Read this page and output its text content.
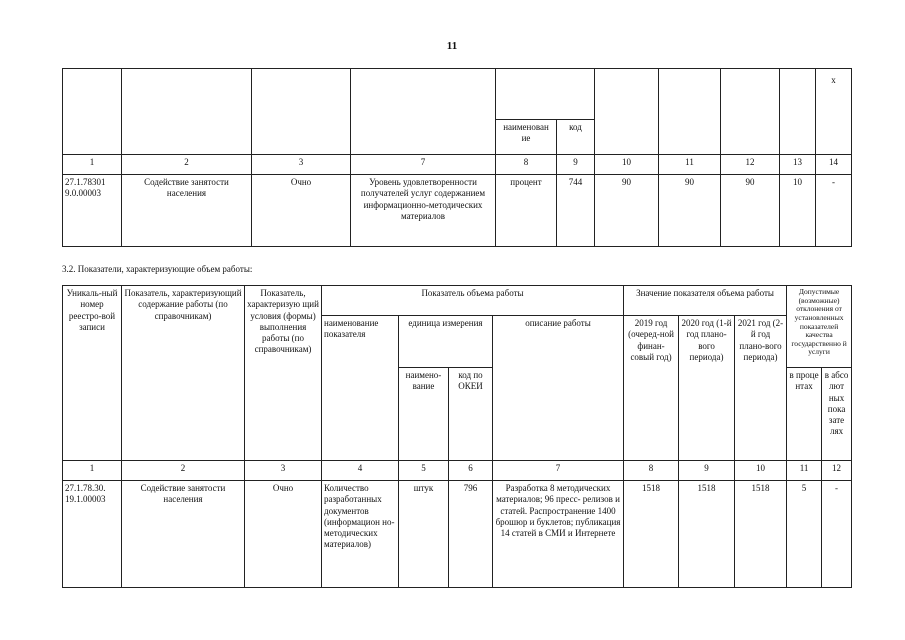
11
										x
				наименован ие	код					
1	2	3	7	8	9	10	11	12	13	14
27.1.78301 9.0.00003	Содействие занятости населения	Очно	Уровень удовлетворенности получателей услуг содержанием информационно-методических материалов	процент	744	90	90	90	10	-
3.2. Показатели, характеризующие объем работы:
Уникаль-ный номер реестро-вой записи	Показатель, характеризующий содержание работы (по справочникам)	Показатель, характеризую щий условия (формы) выполнения работы (по справочникам)	Показатель объема работы				Значение показателя объема работы			Допустимые (возможные) отклонения от установленных показателей качества государственно й услуги	
			наименование показателя	единица измерения		описание работы	2019 год (очеред-ной финан-совый год)	2020 год (1-й год плано-вого периода)	2021 год (2-й год плано-вого периода)		
				наимено-вание	код по ОКЕИ					в проце нтах	в абсо лют ных пока зате лях
1	2	3	4	5	6	7	8	9	10	11	12
27.1.78.30. 19.1.00003	Содействие занятости населения	Очно	Количество разработанных документов (информацион но-методических материалов)	штук	796	Разработка 8 методических материалов; 96 пресс- релизов и статей. Распространение 1400 брошюр и буклетов; публикация 14 статей в СМИ и Интернете	1518	1518	1518	5	-
